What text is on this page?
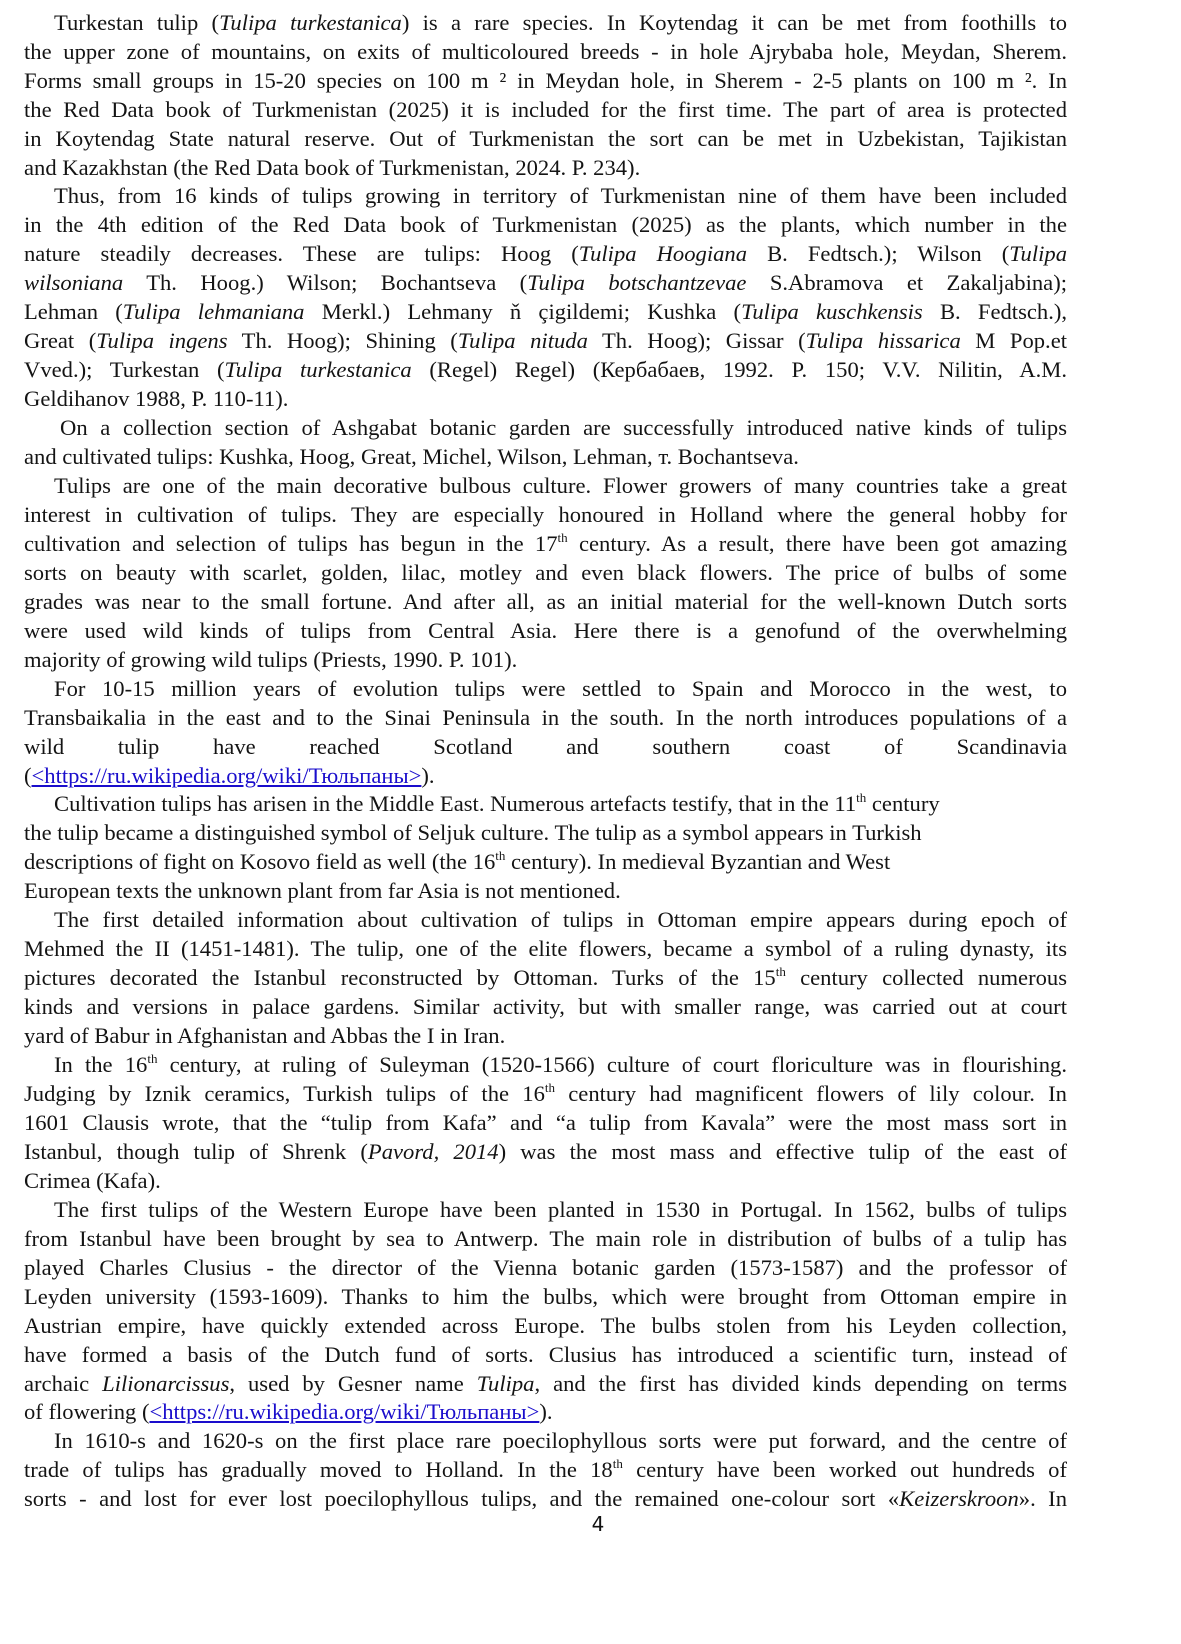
Turkestan tulip (Tulipa turkestanica) is a rare species. In Koytendag it can be met from foothills to
the upper zone of mountains, on exits of multicoloured breeds - in hole Ajrybaba hole, Meydan, Sherem.
Forms small groups in 15-20 species on 100 m ² in Meydan hole, in Sherem - 2-5 plants on 100 m ². In
the Red Data book of Turkmenistan (2025) it is included for the first time. The part of area is protected
in Koytendag State natural reserve. Out of Turkmenistan the sort can be met in Uzbekistan, Tajikistan
and Kazakhstan (the Red Data book of Turkmenistan, 2024. P. 234).
Thus, from 16 kinds of tulips growing in territory of Turkmenistan nine of them have been included
in the 4th edition of the Red Data book of Turkmenistan (2025) as the plants, which number in the
nature steadily decreases. These are tulips: Hoog (Tulipa Hoogiana B. Fedtsch.); Wilson (Tulipa
wilsoniana Th. Hoog.) Wilson; Bochantseva (Tulipa botschantzevae S.Abramova et Zakaljabina);
Lehman (Tulipa lehmaniana Merkl.) Lehmany ň çigildemi; Kushka (Tulipa kuschkensis B. Fedtsch.),
Great (Tulipa ingens Th. Hoog); Shining (Tulipa nituda Th. Hoog); Gissar (Tulipa hissarica M Pop.et
Vved.); Turkestan (Tulipa turkestanica (Regel) Regel) (Кербабаев, 1992. P. 150; V.V. Nilitin, A.M.
Geldihanov 1988, P. 110-11).
On a collection section of Ashgabat botanic garden are successfully introduced native kinds of tulips
and cultivated tulips: Kushka, Hoog, Great, Michel, Wilson, Lehman, т. Bochantseva.
Tulips are one of the main decorative bulbous culture. Flower growers of many countries take a great
interest in cultivation of tulips. They are especially honoured in Holland where the general hobby for
cultivation and selection of tulips has begun in the 17th century. As a result, there have been got amazing
sorts on beauty with scarlet, golden, lilac, motley and even black flowers. The price of bulbs of some
grades was near to the small fortune. And after all, as an initial material for the well-known Dutch sorts
were used wild kinds of tulips from Central Asia. Here there is a genofund of the overwhelming
majority of growing wild tulips (Priests, 1990. P. 101).
For 10-15 million years of evolution tulips were settled to Spain and Morocco in the west, to
Transbaikalia in the east and to the Sinai Peninsula in the south. In the north introduces populations of a
wild tulip have reached Scotland and southern coast of Scandinavia
(<https://ru.wikipedia.org/wiki/Тюльпаны>).
Cultivation tulips has arisen in the Middle East. Numerous artefacts testify, that in the 11th century
the tulip became a distinguished symbol of Seljuk culture. The tulip as a symbol appears in Turkish
descriptions of fight on Kosovo field as well (the 16th century). In medieval Byzantian and West
European texts the unknown plant from far Asia is not mentioned.
The first detailed information about cultivation of tulips in Ottoman empire appears during epoch of
Mehmed the II (1451-1481). The tulip, one of the elite flowers, became a symbol of a ruling dynasty, its
pictures decorated the Istanbul reconstructed by Ottoman. Turks of the 15th century collected numerous
kinds and versions in palace gardens. Similar activity, but with smaller range, was carried out at court
yard of Babur in Afghanistan and Abbas the I in Iran.
In the 16th century, at ruling of Suleyman (1520-1566) culture of court floriculture was in flourishing.
Judging by Iznik ceramics, Turkish tulips of the 16th century had magnificent flowers of lily colour. In
1601 Clausis wrote, that the “tulip from Kafa” and “a tulip from Kavala” were the most mass sort in
Istanbul, though tulip of Shrenk (Pavord, 2014) was the most mass and effective tulip of the east of
Crimea (Kafa).
The first tulips of the Western Europe have been planted in 1530 in Portugal. In 1562, bulbs of tulips
from Istanbul have been brought by sea to Antwerp. The main role in distribution of bulbs of a tulip has
played Charles Clusius - the director of the Vienna botanic garden (1573-1587) and the professor of
Leyden university (1593-1609). Thanks to him the bulbs, which were brought from Ottoman empire in
Austrian empire, have quickly extended across Europe. The bulbs stolen from his Leyden collection,
have formed a basis of the Dutch fund of sorts. Clusius has introduced a scientific turn, instead of
archaic Lilionarcissus, used by Gesner name Tulipa, and the first has divided kinds depending on terms
of flowering (<https://ru.wikipedia.org/wiki/Тюльпаны>).
In 1610-s and 1620-s on the first place rare poecilophyllous sorts were put forward, and the centre of
trade of tulips has gradually moved to Holland. In the 18th century have been worked out hundreds of
sorts - and lost for ever lost poecilophyllous tulips, and the remained one-colour sort «Keizerskroon». In
4
